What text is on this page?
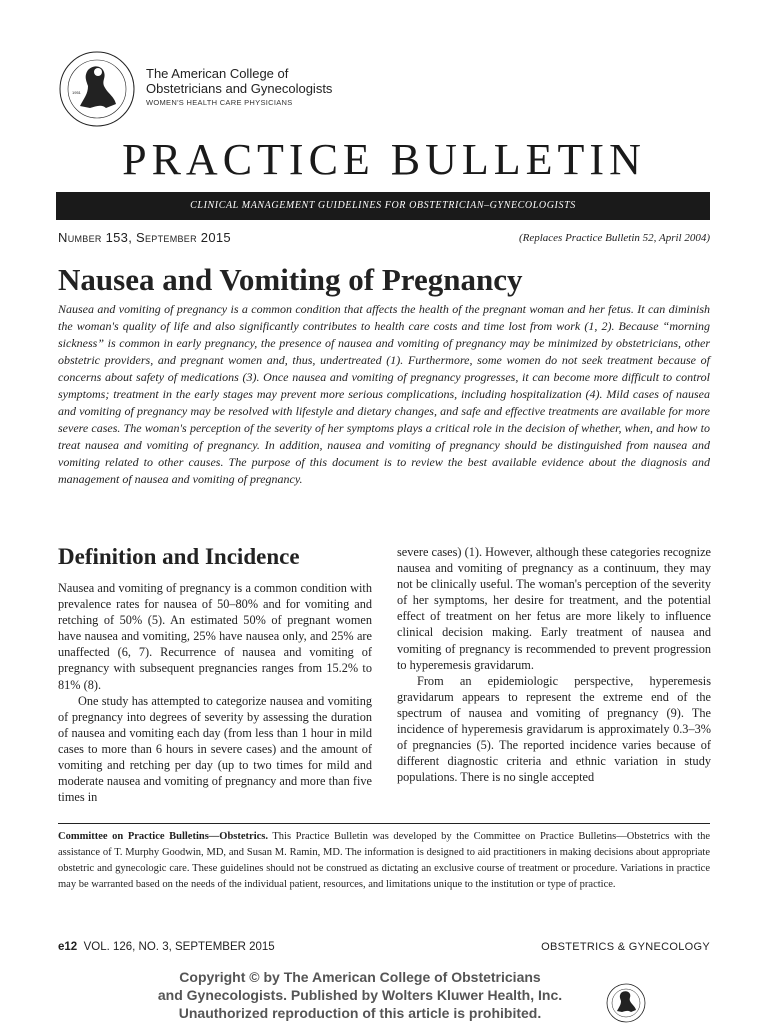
1951
The American College of
Obstetricians and Gynecologists
WOMEN'S HEALTH CARE PHYSICIANS
PRACTICE BULLETIN
CLINICAL MANAGEMENT GUIDELINES FOR OBSTETRICIAN–GYNECOLOGISTS
Number 153, September 2015	(Replaces Practice Bulletin 52, April 2004)
Nausea and Vomiting of Pregnancy
Nausea and vomiting of pregnancy is a common condition that affects the health of the pregnant woman and her fetus. It can diminish the woman's quality of life and also significantly contributes to health care costs and time lost from work (1, 2). Because “morning sickness” is common in early pregnancy, the presence of nausea and vomiting of pregnancy may be minimized by obstetricians, other obstetric providers, and pregnant women and, thus, undertreated (1). Furthermore, some women do not seek treatment because of concerns about safety of medications (3). Once nausea and vomiting of pregnancy progresses, it can become more difficult to control symptoms; treatment in the early stages may prevent more serious complications, including hospitalization (4). Mild cases of nausea and vomiting of pregnancy may be resolved with lifestyle and dietary changes, and safe and effective treatments are available for more severe cases. The woman's perception of the severity of her symptoms plays a critical role in the decision of whether, when, and how to treat nausea and vomiting of pregnancy. In addition, nausea and vomiting of pregnancy should be distinguished from nausea and vomiting related to other causes. The purpose of this document is to review the best available evidence about the diagnosis and management of nausea and vomiting of pregnancy.
Definition and Incidence

Nausea and vomiting of pregnancy is a common condition with prevalence rates for nausea of 50–80% and for vomiting and retching of 50% (5). An estimated 50% of pregnant women have nausea and vomiting, 25% have nausea only, and 25% are unaffected (6, 7). Recurrence of nausea and vomiting of pregnancy with subsequent pregnancies ranges from 15.2% to 81% (8).

One study has attempted to categorize nausea and vomiting of pregnancy into degrees of severity by assessing the duration of nausea and vomiting each day (from less than 1 hour in mild cases to more than 6 hours in severe cases) and the amount of vomiting and retching per day (up to two times for mild and moderate nausea and vomiting of pregnancy and more than five times in

severe cases) (1). However, although these categories recognize nausea and vomiting of pregnancy as a continuum, they may not be clinically useful. The woman's perception of the severity of her symptoms, her desire for treatment, and the potential effect of treatment on her fetus are more likely to influence clinical decision making. Early treatment of nausea and vomiting of pregnancy is recommended to prevent progression to hyperemesis gravidarum.

From an epidemiologic perspective, hyperemesis gravidarum appears to represent the extreme end of the spectrum of nausea and vomiting of pregnancy (9). The incidence of hyperemesis gravidarum is approximately 0.3–3% of pregnancies (5). The reported incidence varies because of different diagnostic criteria and ethnic variation in study populations. There is no single accepted

Committee on Practice Bulletins—Obstetrics. This Practice Bulletin was developed by the Committee on Practice Bulletins—Obstetrics with the assistance of T. Murphy Goodwin, MD, and Susan M. Ramin, MD. The information is designed to aid practitioners in making decisions about appropriate obstetric and gynecologic care. These guidelines should not be construed as dictating an exclusive course of treatment or procedure. Variations in practice may be warranted based on the needs of the individual patient, resources, and limitations unique to the institution or type of practice.
e12 VOL. 126, NO. 3, SEPTEMBER 2015	OBSTETRICS & GYNECOLOGY
Copyright © by The American College of Obstetricians
and Gynecologists. Published by Wolters Kluwer Health, Inc.
Unauthorized reproduction of this article is prohibited.
